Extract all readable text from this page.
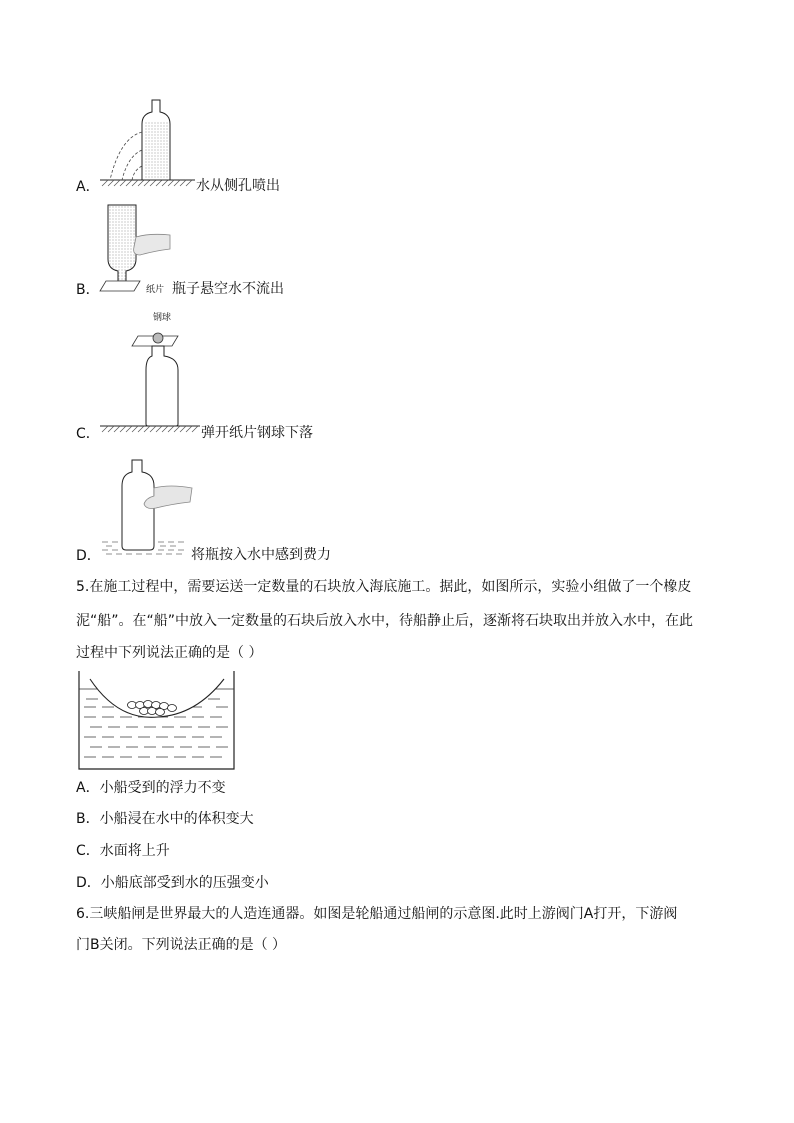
A．	水从侧孔喷出
纸片
B．	瓶子悬空水不流出
钢球
C．	弹开纸片钢球下落
D．	将瓶按入水中感到费力
5.在施工过程中，需要运送一定数量的石块放入海底施工。据此，如图所示，实验小组做了一个橡皮
泥“船”。在“船”中放入一定数量的石块后放入水中，待船静止后，逐渐将石块取出并放入水中，在此
过程中下列说法正确的是（ ）
A．小船受到的浮力不变
B．小船浸在水中的体积变大
C．水面将上升
D．小船底部受到水的压强变小
6.三峡船闸是世界最大的人造连通器。如图是轮船通过船闸的示意图.此时上游阀门A打开，下游阀
门B关闭。下列说法正确的是（ ）
